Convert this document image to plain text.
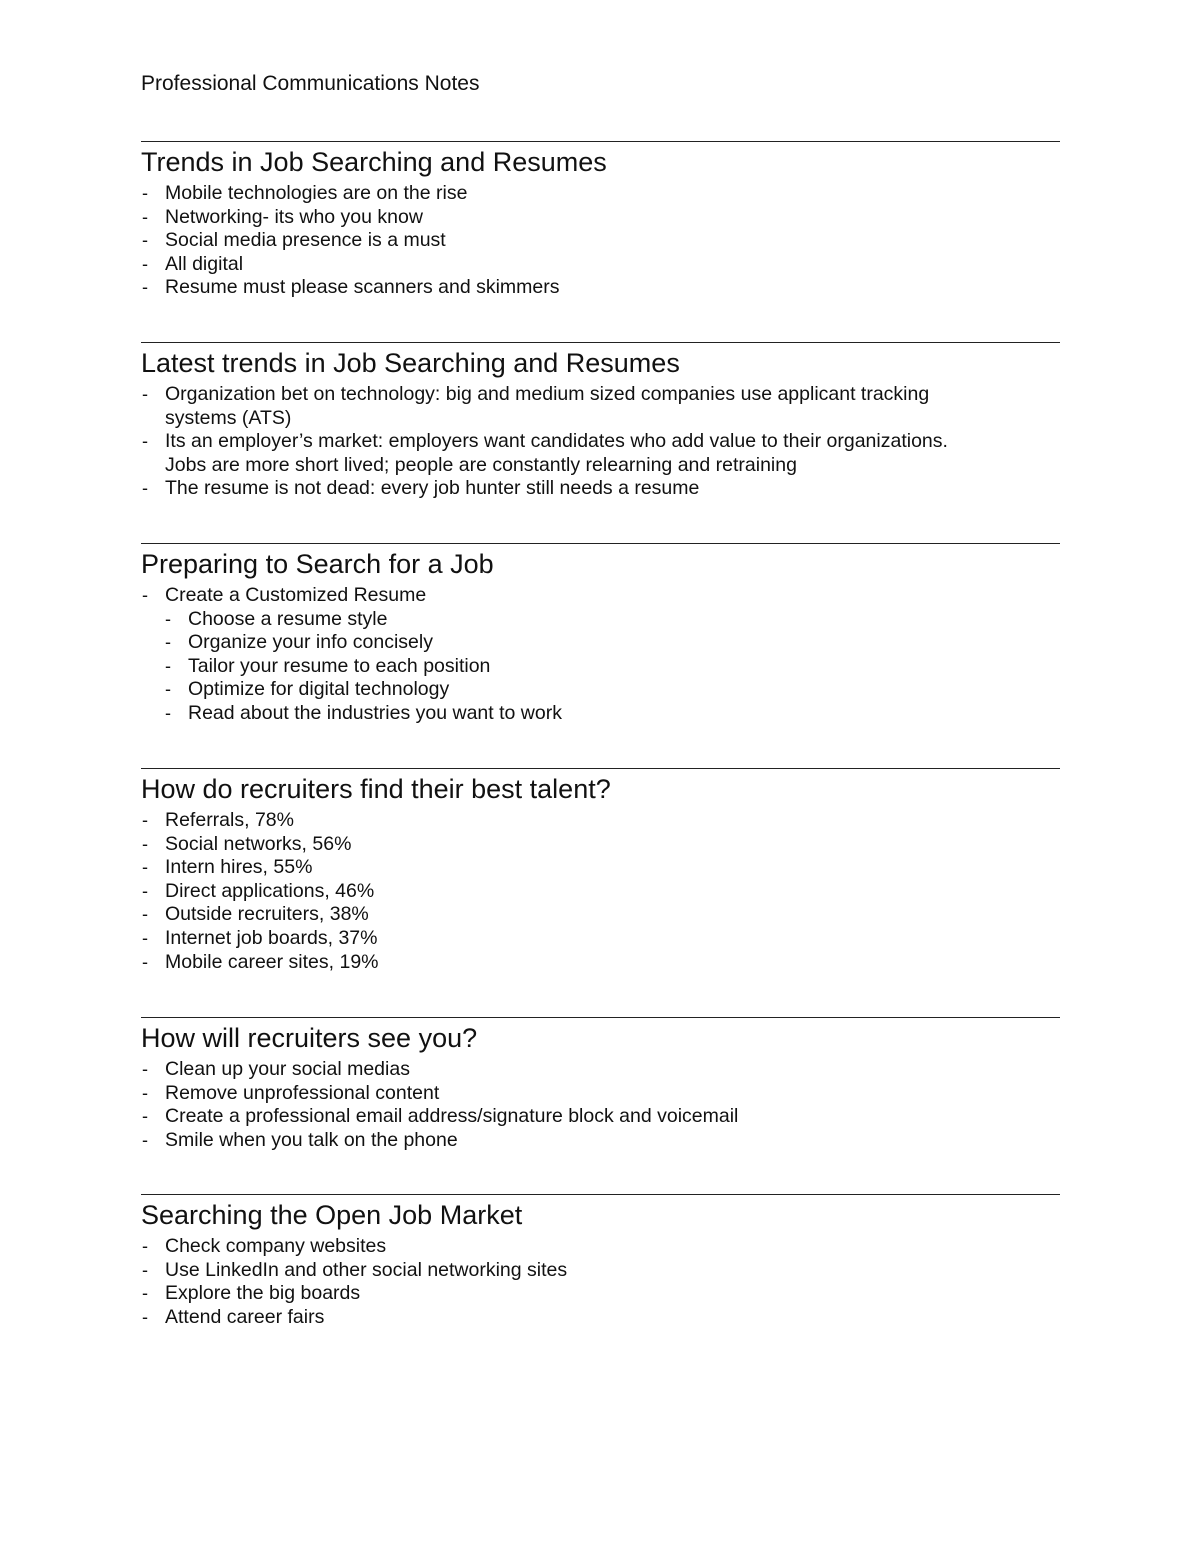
Professional Communications Notes
Trends in Job Searching and Resumes
- Mobile technologies are on the rise
- Networking- its who you know
- Social media presence is a must
- All digital
- Resume must please scanners and skimmers
Latest trends in Job Searching and Resumes
- Organization bet on technology: big and medium sized companies use applicant tracking
systems (ATS)
- Its an employer’s market: employers want candidates who add value to their organizations.
Jobs are more short lived; people are constantly relearning and retraining
- The resume is not dead: every job hunter still needs a resume
Preparing to Search for a Job
- Create a Customized Resume
- Choose a resume style
- Organize your info concisely
- Tailor your resume to each position
- Optimize for digital technology
- Read about the industries you want to work
How do recruiters find their best talent?
- Referrals, 78%
- Social networks, 56%
- Intern hires, 55%
- Direct applications, 46%
- Outside recruiters, 38%
- Internet job boards, 37%
- Mobile career sites, 19%
How will recruiters see you?
- Clean up your social medias
- Remove unprofessional content
- Create a professional email address/signature block and voicemail
- Smile when you talk on the phone
Searching the Open Job Market
- Check company websites
- Use LinkedIn and other social networking sites
- Explore the big boards
- Attend career fairs
